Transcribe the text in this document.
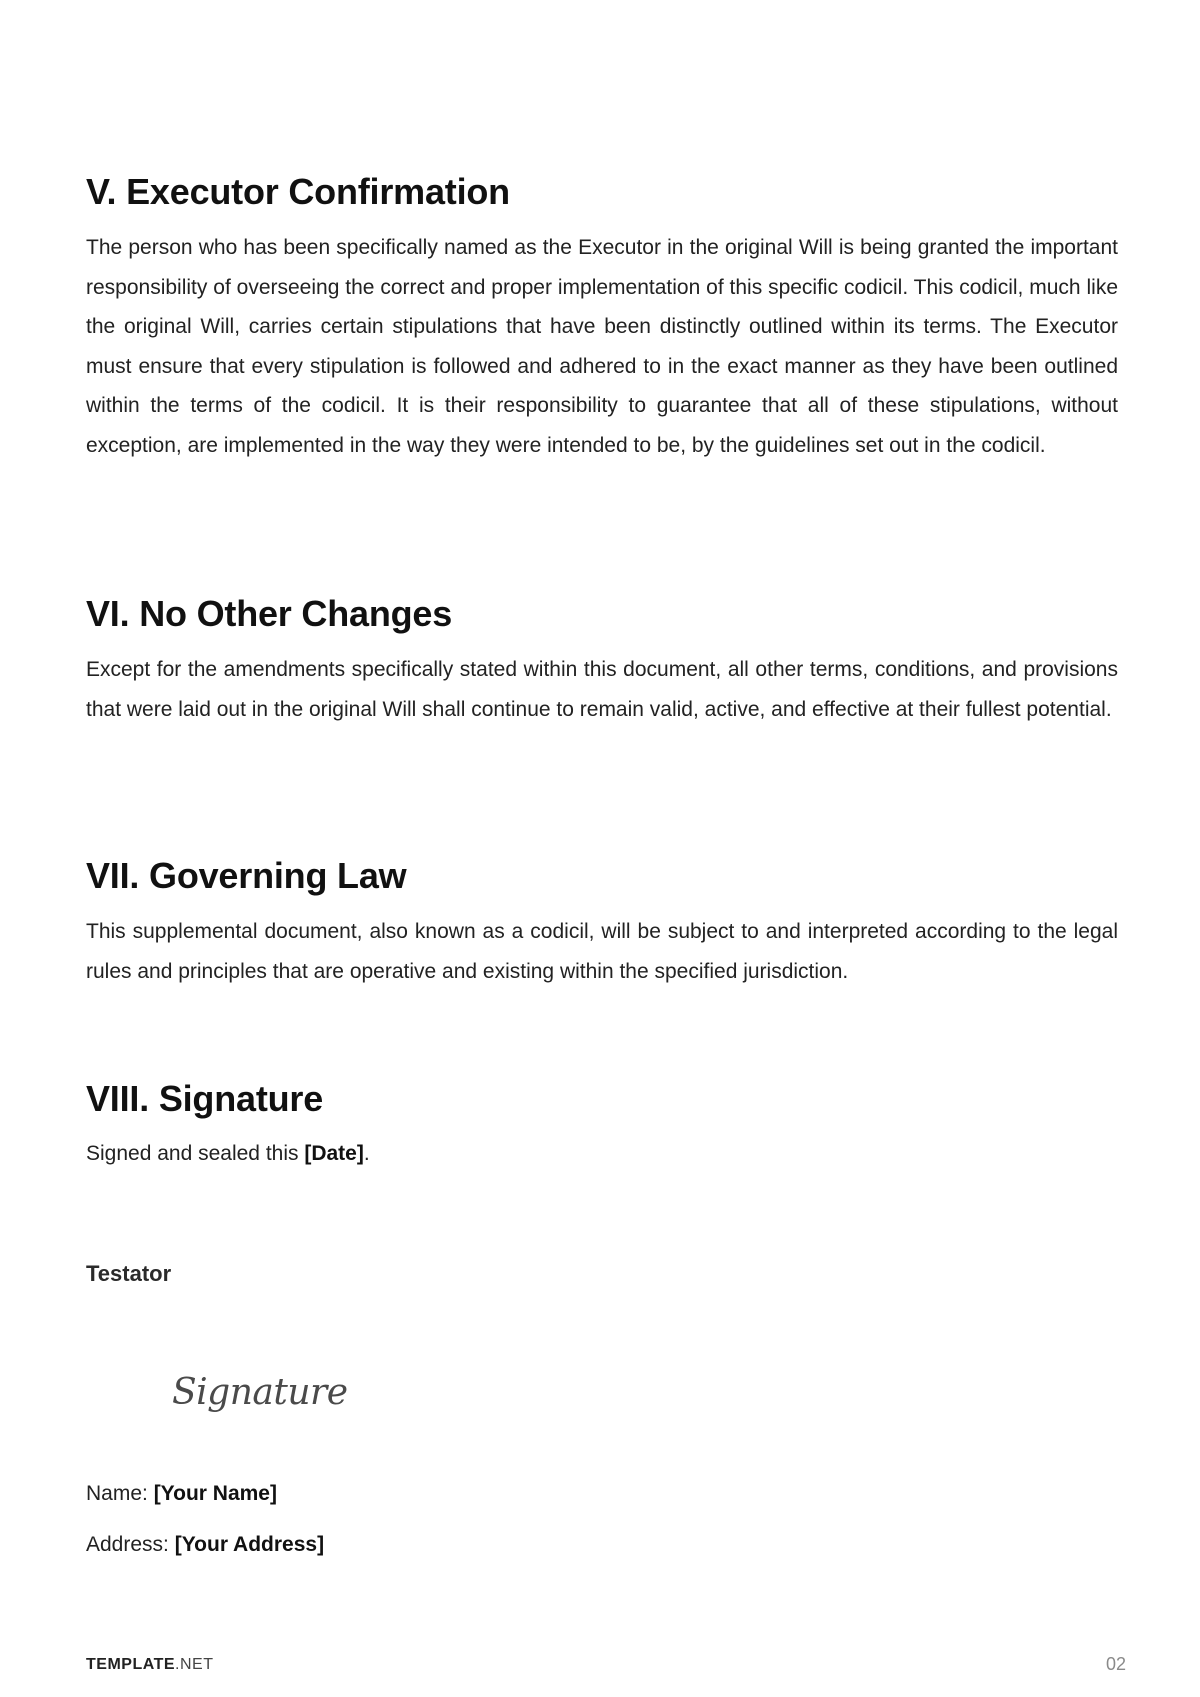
V. Executor Confirmation

The person who has been specifically named as the Executor in the original Will is being granted the important responsibility of overseeing the correct and proper implementation of this specific codicil. This codicil, much like the original Will, carries certain stipulations that have been distinctly outlined within its terms. The Executor must ensure that every stipulation is followed and adhered to in the exact manner as they have been outlined within the terms of the codicil. It is their responsibility to guarantee that all of these stipulations, without exception, are implemented in the way they were intended to be, by the guidelines set out in the codicil.

VI. No Other Changes

Except for the amendments specifically stated within this document, all other terms, conditions, and provisions that were laid out in the original Will shall continue to remain valid, active, and effective at their fullest potential.

VII. Governing Law

This supplemental document, also known as a codicil, will be subject to and interpreted according to the legal rules and principles that are operative and existing within the specified jurisdiction.

VIII. Signature

Signed and sealed this [Date].

Testator

Name: [Your Name]

Address: [Your Address]

Signature
TEMPLATE.NET	02
